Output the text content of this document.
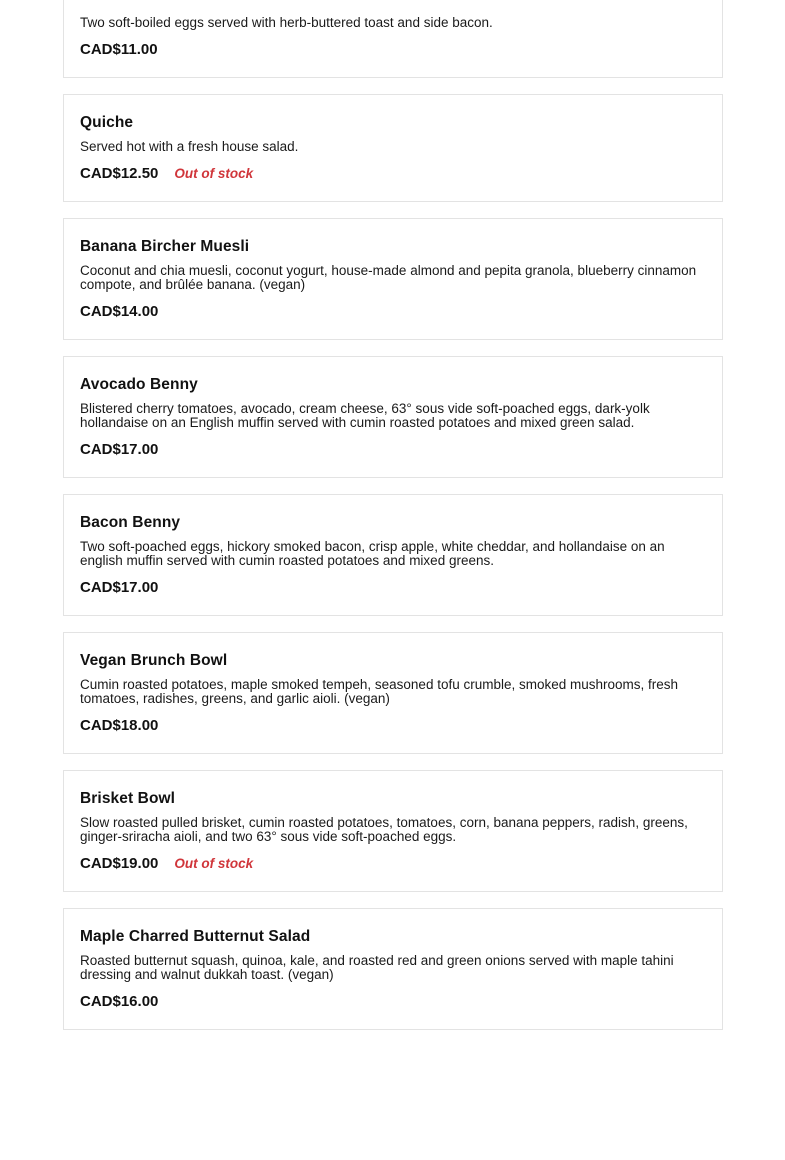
Two soft-boiled eggs served with herb-buttered toast and side bacon.
CAD$11.00
Quiche
Served hot with a fresh house salad.
CAD$12.50 Out of stock
Banana Bircher Muesli
Coconut and chia muesli, coconut yogurt, house-made almond and pepita granola, blueberry cinnamon compote, and brûlée banana. (vegan)
CAD$14.00
Avocado Benny
Blistered cherry tomatoes, avocado, cream cheese, 63° sous vide soft-poached eggs, dark-yolk hollandaise on an English muffin served with cumin roasted potatoes and mixed green salad.
CAD$17.00
Bacon Benny
Two soft-poached eggs, hickory smoked bacon, crisp apple, white cheddar, and hollandaise on an english muffin served with cumin roasted potatoes and mixed greens.
CAD$17.00
Vegan Brunch Bowl
Cumin roasted potatoes, maple smoked tempeh, seasoned tofu crumble, smoked mushrooms, fresh tomatoes, radishes, greens, and garlic aioli. (vegan)
CAD$18.00
Brisket Bowl
Slow roasted pulled brisket, cumin roasted potatoes, tomatoes, corn, banana peppers, radish, greens, ginger-sriracha aioli, and two 63° sous vide soft-poached eggs.
CAD$19.00 Out of stock
Maple Charred Butternut Salad
Roasted butternut squash, quinoa, kale, and roasted red and green onions served with maple tahini dressing and walnut dukkah toast. (vegan)
CAD$16.00
